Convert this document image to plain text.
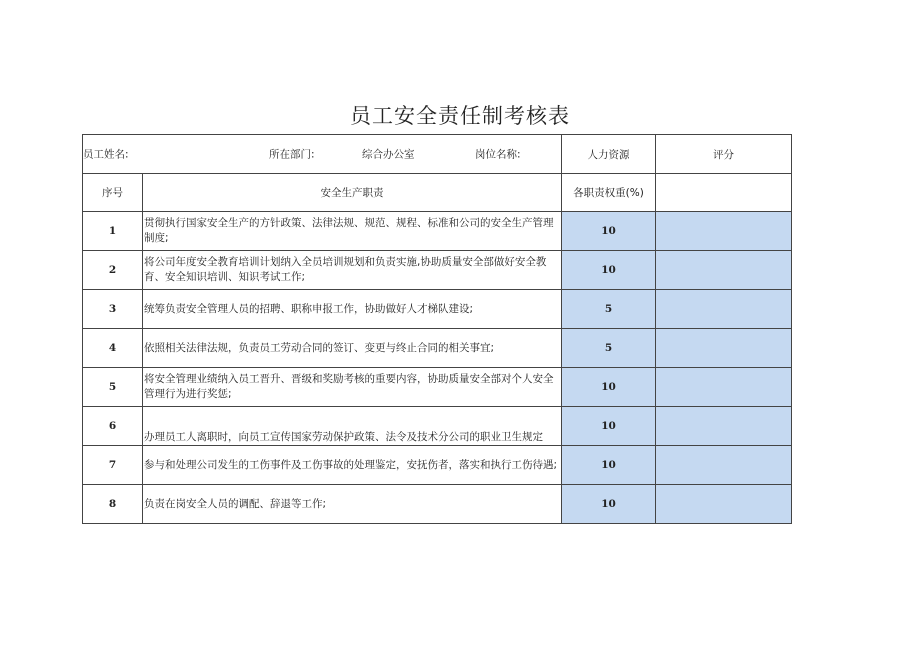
员工安全责任制考核表
员工姓名: 所在部门: 综合办公室 岗位名称:		人力资源	评分
序号	安全生产职责	各职责权重(%)	
1	贯彻执行国家安全生产的方针政策、法律法规、规范、规程、标准和公司的安全生产管理制度;	10	
2	将公司年度安全教育培训计划纳入全员培训规划和负责实施,协助质量安全部做好安全教育、安全知识培训、知识考试工作;	10	
3	统筹负责安全管理人员的招聘、职称申报工作，协助做好人才梯队建设;	5	
4	依照相关法律法规，负责员工劳动合同的签订、变更与终止合同的相关事宜;	5	
5	将安全管理业绩纳入员工晋升、晋级和奖励考核的重要内容，协助质量安全部对个人安全管理行为进行奖惩;	10	
6	办理员工人离职时，向员工宣传国家劳动保护政策、法令及技术分公司的职业卫生规定	10	
7	参与和处理公司发生的工伤事件及工伤事故的处理鉴定，安抚伤者，落实和执行工伤待遇;	10	
8	负责在岗安全人员的调配、辞退等工作;	10	
